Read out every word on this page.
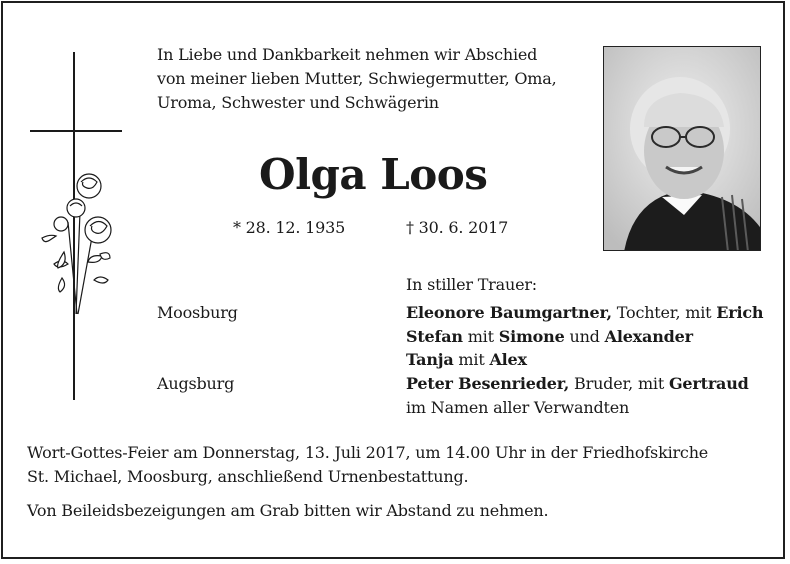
In Liebe und Dankbarkeit nehmen wir Abschied
von meiner lieben Mutter, Schwiegermutter, Oma,
Uroma, Schwester und Schwägerin
Olga Loos
* 28. 12. 1935	† 30. 6. 2017
In stiller Trauer:
Moosburg
Augsburg
Eleonore Baumgartner, Tochter, mit Erich
Stefan mit Simone und Alexander
Tanja mit Alex
Peter Besenrieder, Bruder, mit Gertraud
im Namen aller Verwandten
Wort-Gottes-Feier am Donnerstag, 13. Juli 2017, um 14.00 Uhr in der Friedhofskirche
St. Michael, Moosburg, anschließend Urnenbestattung.
Von Beileidsbezeigungen am Grab bitten wir Abstand zu nehmen.
